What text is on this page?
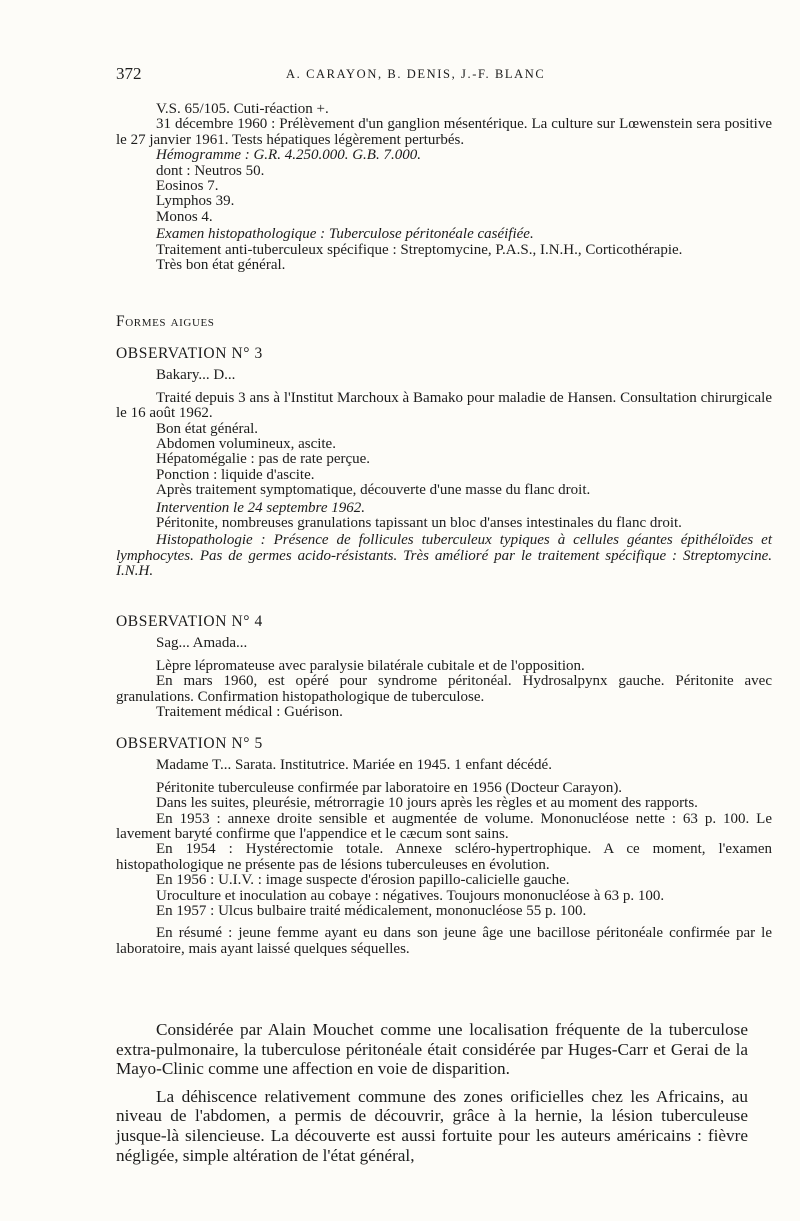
372	A. CARAYON, B. DENIS, J.-F. BLANC

V.S. 65/105. Cuti-réaction +.

31 décembre 1960 : Prélèvement d'un ganglion mésentérique. La culture sur Lœwenstein sera positive le 27 janvier 1961. Tests hépatiques légèrement perturbés.

Hémogramme : G.R. 4.250.000. G.B. 7.000.

dont : Neutros 50.

Eosinos 7.

Lymphos 39.

Monos 4.

Examen histopathologique : Tuberculose péritonéale caséifiée.

Traitement anti-tuberculeux spécifique : Streptomycine, P.A.S., I.N.H., Corticothérapie.

Très bon état général.

Formes aigues

OBSERVATION N° 3

Bakary... D...

Traité depuis 3 ans à l'Institut Marchoux à Bamako pour maladie de Hansen. Consultation chirurgicale le 16 août 1962.

Bon état général.

Abdomen volumineux, ascite.

Hépatomégalie : pas de rate perçue.

Ponction : liquide d'ascite.

Après traitement symptomatique, découverte d'une masse du flanc droit.

Intervention le 24 septembre 1962.

Péritonite, nombreuses granulations tapissant un bloc d'anses intestinales du flanc droit.

Histopathologie : Présence de follicules tuberculeux typiques à cellules géantes épithéloïdes et lymphocytes. Pas de germes acido-résistants. Très amélioré par le traitement spécifique : Streptomycine. I.N.H.

OBSERVATION N° 4

Sag... Amada...

Lèpre lépromateuse avec paralysie bilatérale cubitale et de l'opposition.

En mars 1960, est opéré pour syndrome péritonéal. Hydrosalpynx gauche. Péritonite avec granulations. Confirmation histopathologique de tuberculose.

Traitement médical : Guérison.

OBSERVATION N° 5

Madame T... Sarata. Institutrice. Mariée en 1945. 1 enfant décédé.

Péritonite tuberculeuse confirmée par laboratoire en 1956 (Docteur Carayon).

Dans les suites, pleurésie, métrorragie 10 jours après les règles et au moment des rapports.

En 1953 : annexe droite sensible et augmentée de volume. Mononucléose nette : 63 p. 100. Le lavement baryté confirme que l'appendice et le cæcum sont sains.

En 1954 : Hystérectomie totale. Annexe scléro-hypertrophique. A ce moment, l'examen histopathologique ne présente pas de lésions tuberculeuses en évolution.

En 1956 : U.I.V. : image suspecte d'érosion papillo-calicielle gauche.

Uroculture et inoculation au cobaye : négatives. Toujours mononucléose à 63 p. 100.

En 1957 : Ulcus bulbaire traité médicalement, mononucléose 55 p. 100.

En résumé : jeune femme ayant eu dans son jeune âge une bacillose péritonéale confirmée par le laboratoire, mais ayant laissé quelques séquelles.

Considérée par Alain Mouchet comme une localisation fréquente de la tuberculose extra-pulmonaire, la tuberculose péritonéale était considérée par Huges-Carr et Gerai de la Mayo-Clinic comme une affection en voie de disparition.

La déhiscence relativement commune des zones orificielles chez les Africains, au niveau de l'abdomen, a permis de découvrir, grâce à la hernie, la lésion tuberculeuse jusque-là silencieuse. La découverte est aussi fortuite pour les auteurs américains : fièvre négligée, simple altération de l'état général,
